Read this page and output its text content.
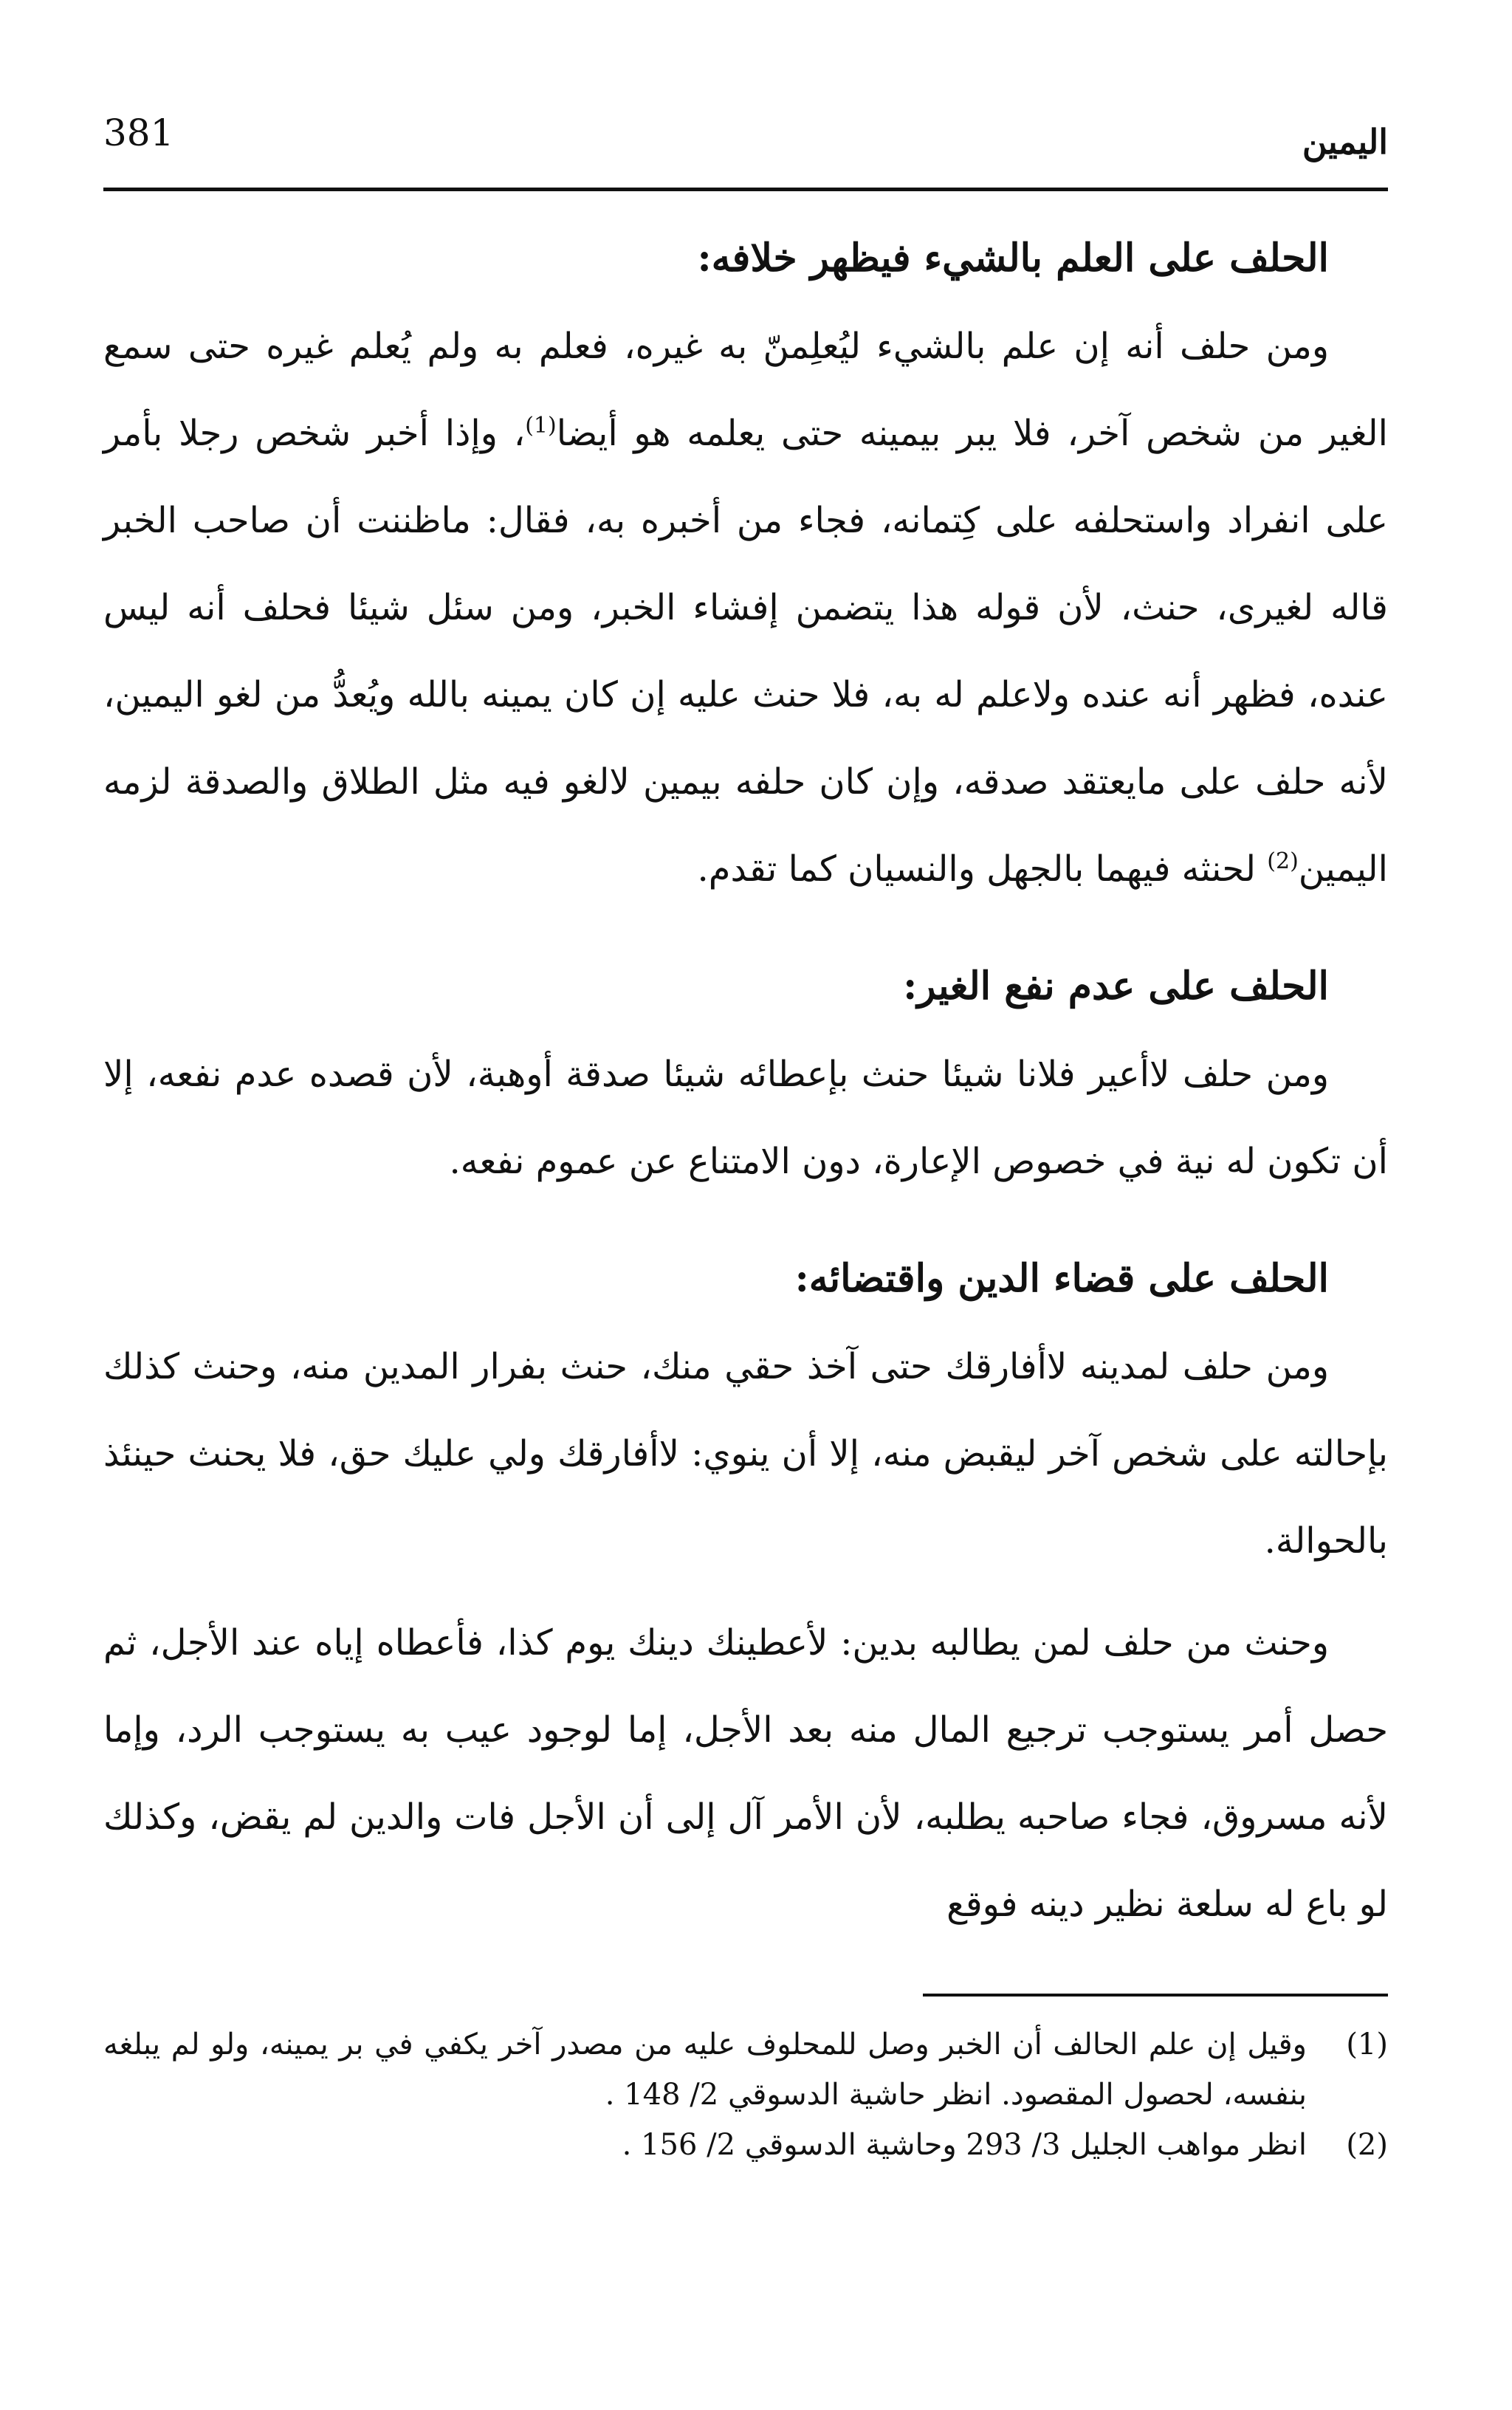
381	اليمين
الحلف على العلم بالشيء فيظهر خلافه:

ومن حلف أنه إن علم بالشيء ليُعلِمنّ به غيره، فعلم به ولم يُعلم غيره حتى سمع الغير من شخص آخر، فلا يبر بيمينه حتى يعلمه هو أيضا$^{(1)}$، وإذا أخبر شخص رجلا بأمر على انفراد واستحلفه على كِتمانه، فجاء من أخبره به، فقال: ماظننت أن صاحب الخبر قاله لغيرى، حنث، لأن قوله هذا يتضمن إفشاء الخبر، ومن سئل شيئا فحلف أنه ليس عنده، فظهر أنه عنده ولاعلم له به، فلا حنث عليه إن كان يمينه بالله ويُعدُّ من لغو اليمين، لأنه حلف على مايعتقد صدقه، وإن كان حلفه بيمين لالغو فيه مثل الطلاق والصدقة لزمه اليمين$^{(2)}$ لحنثه فيهما بالجهل والنسيان كما تقدم.

الحلف على عدم نفع الغير:

ومن حلف لاأعير فلانا شيئا حنث بإعطائه شيئا صدقة أوهبة، لأن قصده عدم نفعه، إلا أن تكون له نية في خصوص الإعارة، دون الامتناع عن عموم نفعه.

الحلف على قضاء الدين واقتضائه:

ومن حلف لمدينه لاأفارقك حتى آخذ حقي منك، حنث بفرار المدين منه، وحنث كذلك بإحالته على شخص آخر ليقبض منه، إلا أن ينوي: لاأفارقك ولي عليك حق، فلا يحنث حينئذ بالحوالة.

وحنث من حلف لمن يطالبه بدين: لأعطينك دينك يوم كذا، فأعطاه إياه عند الأجل، ثم حصل أمر يستوجب ترجيع المال منه بعد الأجل، إما لوجود عيب به يستوجب الرد، وإما لأنه مسروق، فجاء صاحبه يطلبه، لأن الأمر آل إلى أن الأجل فات والدين لم يقض، وكذلك لو باع له سلعة نظير دينه فوقع

(1)
وقيل إن علم الحالف أن الخبر وصل للمحلوف عليه من مصدر آخر يكفي في بر يمينه، ولو لم يبلغه بنفسه، لحصول المقصود. انظر حاشية الدسوقي 2/ 148 .
(2)
انظر مواهب الجليل 3/ 293 وحاشية الدسوقي 2/ 156 .
